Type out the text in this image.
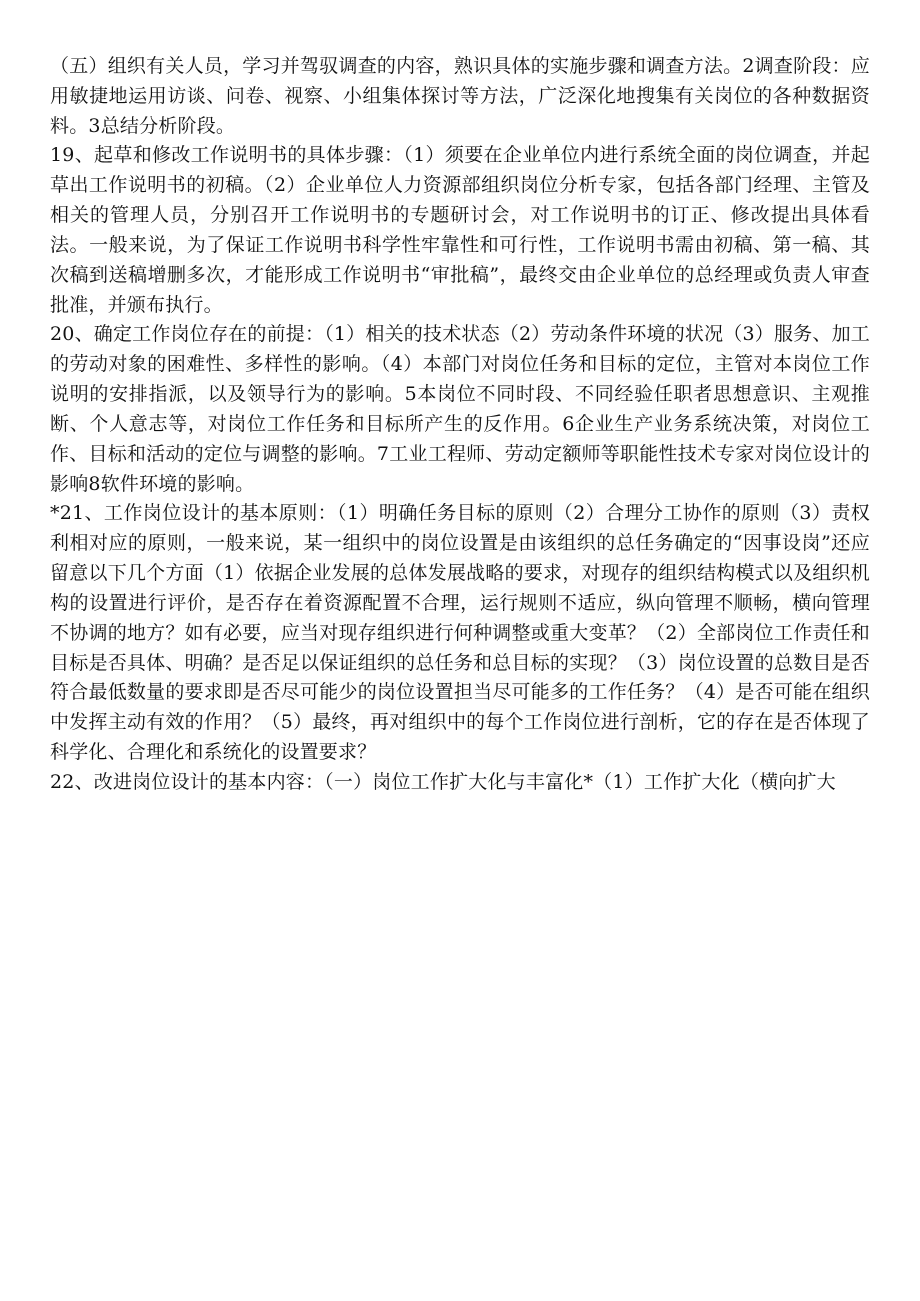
（五）组织有关人员，学习并驾驭调查的内容，熟识具体的实施步骤和调查方法。2调查阶段：应用敏捷地运用访谈、问卷、视察、小组集体探讨等方法，广泛深化地搜集有关岗位的各种数据资料。3总结分析阶段。

19、起草和修改工作说明书的具体步骤：（1）须要在企业单位内进行系统全面的岗位调查，并起草出工作说明书的初稿。（2）企业单位人力资源部组织岗位分析专家，包括各部门经理、主管及相关的管理人员，分别召开工作说明书的专题研讨会，对工作说明书的订正、修改提出具体看法。一般来说，为了保证工作说明书科学性牢靠性和可行性，工作说明书需由初稿、第一稿、其次稿到送稿增删多次，才能形成工作说明书“审批稿”，最终交由企业单位的总经理或负责人审查批准，并颁布执行。

20、确定工作岗位存在的前提：（1）相关的技术状态（2）劳动条件环境的状况（3）服务、加工的劳动对象的困难性、多样性的影响。（4）本部门对岗位任务和目标的定位，主管对本岗位工作说明的安排指派，以及领导行为的影响。5本岗位不同时段、不同经验任职者思想意识、主观推断、个人意志等，对岗位工作任务和目标所产生的反作用。6企业生产业务系统决策，对岗位工作、目标和活动的定位与调整的影响。7工业工程师、劳动定额师等职能性技术专家对岗位设计的影响8软件环境的影响。

*21、工作岗位设计的基本原则：（1）明确任务目标的原则（2）合理分工协作的原则（3）责权利相对应的原则，一般来说，某一组织中的岗位设置是由该组织的总任务确定的“因事设岗”还应留意以下几个方面（1）依据企业发展的总体发展战略的要求，对现存的组织结构模式以及组织机构的设置进行评价，是否存在着资源配置不合理，运行规则不适应，纵向管理不顺畅，横向管理不协调的地方？如有必要，应当对现存组织进行何种调整或重大变革？（2）全部岗位工作责任和目标是否具体、明确？是否足以保证组织的总任务和总目标的实现？（3）岗位设置的总数目是否符合最低数量的要求即是否尽可能少的岗位设置担当尽可能多的工作任务？（4）是否可能在组织中发挥主动有效的作用？（5）最终，再对组织中的每个工作岗位进行剖析，它的存在是否体现了科学化、合理化和系统化的设置要求？

22、改进岗位设计的基本内容：（一）岗位工作扩大化与丰富化*（1）工作扩大化（横向扩大
